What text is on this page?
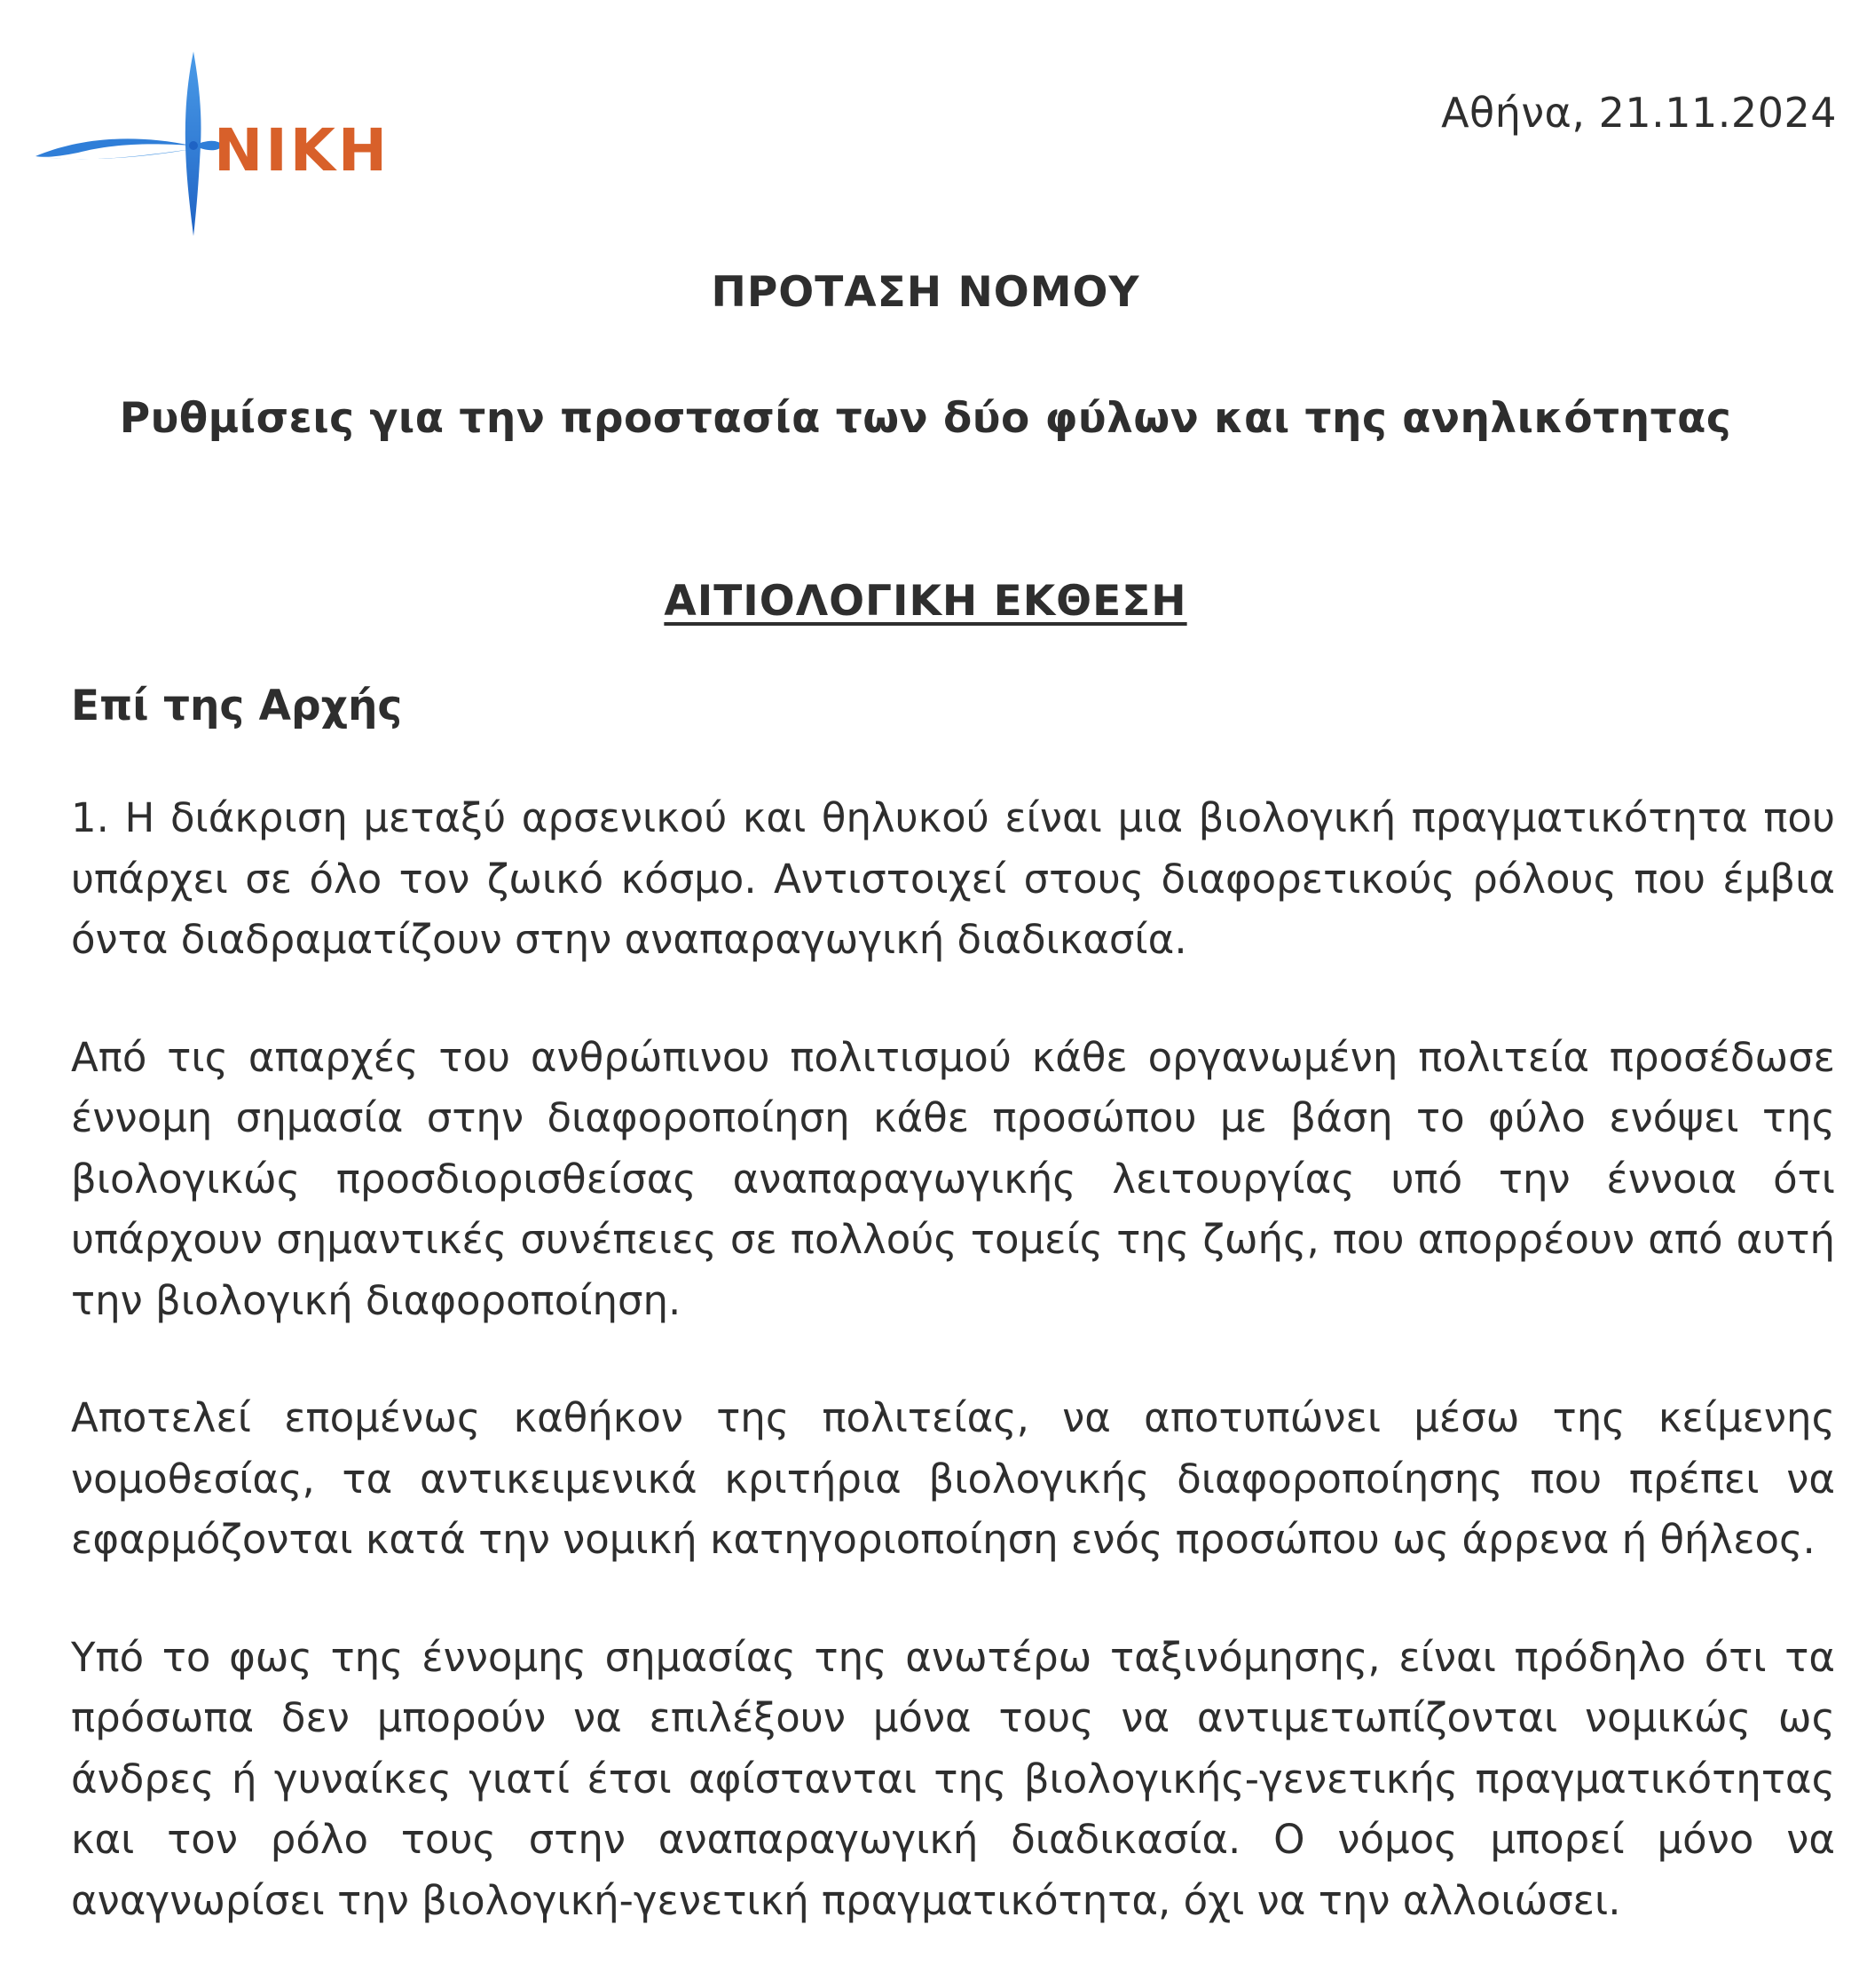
ΝΙΚΗ
Αθήνα, 21.11.2024
ΠΡΟΤΑΣΗ ΝΟΜΟΥ
Ρυθμίσεις για την προστασία των δύο φύλων και της ανηλικότητας
ΑΙΤΙΟΛΟΓΙΚΗ ΕΚΘΕΣΗ
Επί της Αρχής

1. Η διάκριση μεταξύ αρσενικού και θηλυκού είναι μια βιολογική πραγματικότητα που υπάρχει σε όλο τον ζωικό κόσμο. Αντιστοιχεί στους διαφορετικούς ρόλους που έμβια όντα διαδραματίζουν στην αναπαραγωγική διαδικασία.

Από τις απαρχές του ανθρώπινου πολιτισμού κάθε οργανωμένη πολιτεία προσέδωσε έννομη σημασία στην διαφοροποίηση κάθε προσώπου με βάση το φύλο ενόψει της βιολογικώς προσδιορισθείσας αναπαραγωγικής λειτουργίας υπό την έννοια ότι υπάρχουν σημαντικές συνέπειες σε πολλούς τομείς της ζωής, που απορρέουν από αυτή την βιολογική διαφοροποίηση.

Αποτελεί επομένως καθήκον της πολιτείας, να αποτυπώνει μέσω της κείμενης νομοθεσίας, τα αντικειμενικά κριτήρια βιολογικής διαφοροποίησης που πρέπει να εφαρμόζονται κατά την νομική κατηγοριοποίηση ενός προσώπου ως άρρενα ή θήλεος.

Υπό το φως της έννομης σημασίας της ανωτέρω ταξινόμησης, είναι πρόδηλο ότι τα πρόσωπα δεν μπορούν να επιλέξουν μόνα τους να αντιμετωπίζονται νομικώς ως άνδρες ή γυναίκες γιατί έτσι αφίστανται της βιολογικής-γενετικής πραγματικότητας και τον ρόλο τους στην αναπαραγωγική διαδικασία. Ο νόμος μπορεί μόνο να αναγνωρίσει την βιολογική-γενετική πραγματικότητα, όχι να την αλλοιώσει.
